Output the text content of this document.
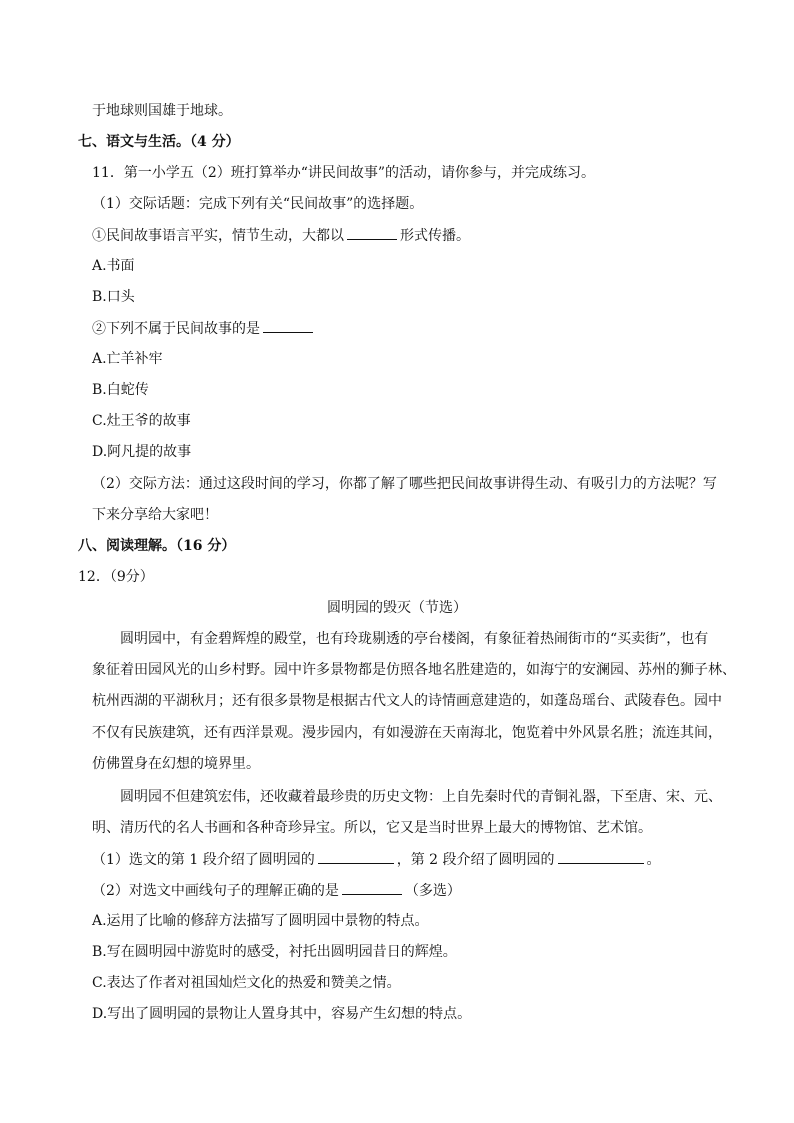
于地球则国雄于地球。
七、语文与生活。（4 分）
11．第一小学五（2）班打算举办“讲民间故事”的活动，请你参与，并完成练习。
（1）交际话题：完成下列有关“民间故事”的选择题。
①民间故事语言平实，情节生动，大都以	形式传播。
A.书面
B.口头
②下列不属于民间故事的是
A.亡羊补牢
B.白蛇传
C.灶王爷的故事
D.阿凡提的故事
（2）交际方法：通过这段时间的学习，你都了解了哪些把民间故事讲得生动、有吸引力的方法呢？写
下来分享给大家吧！
八、阅读理解。（16 分）
12．（9分）
圆明园的毁灭（节选）
圆明园中，有金碧辉煌的殿堂，也有玲珑剔透的亭台楼阁，有象征着热闹街市的“买卖街”，也有
象征着田园风光的山乡村野。园中许多景物都是仿照各地名胜建造的，如海宁的安澜园、苏州的狮子林、
杭州西湖的平湖秋月；还有很多景物是根据古代文人的诗情画意建造的，如蓬岛瑶台、武陵春色。园中
不仅有民族建筑，还有西洋景观。漫步园内，有如漫游在天南海北，饱览着中外风景名胜；流连其间，
仿佛置身在幻想的境界里。
圆明园不但建筑宏伟，还收藏着最珍贵的历史文物：上自先秦时代的青铜礼器，下至唐、宋、元、
明、清历代的名人书画和各种奇珍异宝。所以，它又是当时世界上最大的博物馆、艺术馆。
（1）选文的第 1 段介绍了圆明园的	，第 2 段介绍了圆明园的	。
（2）对选文中画线句子的理解正确的是	（多选）
A.运用了比喻的修辞方法描写了圆明园中景物的特点。
B.写在圆明园中游览时的感受，衬托出圆明园昔日的辉煌。
C.表达了作者对祖国灿烂文化的热爱和赞美之情。
D.写出了圆明园的景物让人置身其中，容易产生幻想的特点。
